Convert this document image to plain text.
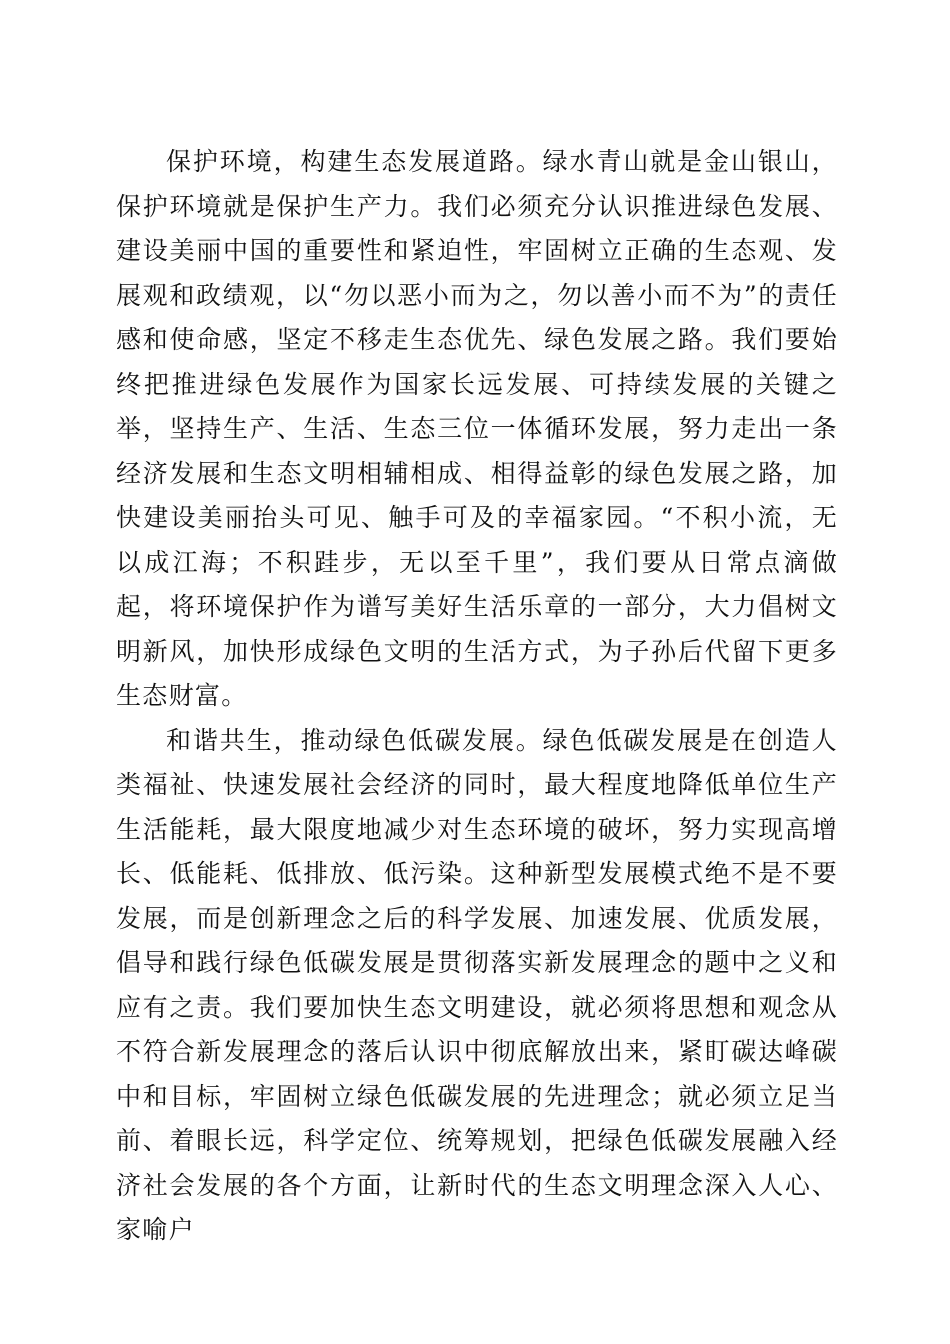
保护环境，构建生态发展道路。绿水青山就是金山银山，保护环境就是保护生产力。我们必须充分认识推进绿色发展、建设美丽中国的重要性和紧迫性，牢固树立正确的生态观、发展观和政绩观，以“勿以恶小而为之，勿以善小而不为”的责任感和使命感，坚定不移走生态优先、绿色发展之路。我们要始终把推进绿色发展作为国家长远发展、可持续发展的关键之举，坚持生产、生活、生态三位一体循环发展，努力走出一条经济发展和生态文明相辅相成、相得益彰的绿色发展之路，加快建设美丽抬头可见、触手可及的幸福家园。“不积小流，无以成江海；不积跬步，无以至千里”，我们要从日常点滴做起，将环境保护作为谱写美好生活乐章的一部分，大力倡树文明新风，加快形成绿色文明的生活方式，为子孙后代留下更多生态财富。

和谐共生，推动绿色低碳发展。绿色低碳发展是在创造人类福祉、快速发展社会经济的同时，最大程度地降低单位生产生活能耗，最大限度地减少对生态环境的破坏，努力实现高增长、低能耗、低排放、低污染。这种新型发展模式绝不是不要发展，而是创新理念之后的科学发展、加速发展、优质发展，倡导和践行绿色低碳发展是贯彻落实新发展理念的题中之义和应有之责。我们要加快生态文明建设，就必须将思想和观念从不符合新发展理念的落后认识中彻底解放出来，紧盯碳达峰碳中和目标，牢固树立绿色低碳发展的先进理念；就必须立足当前、着眼长远，科学定位、统筹规划，把绿色低碳发展融入经济社会发展的各个方面，让新时代的生态文明理念深入人心、家喻户
